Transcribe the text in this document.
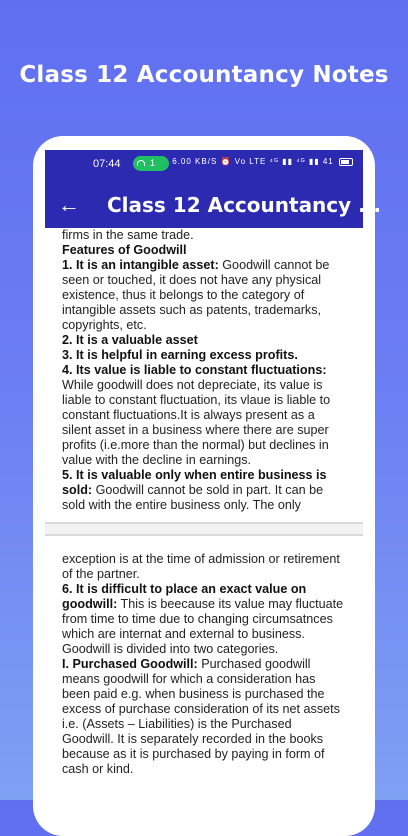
Class 12 Accountancy Notes
07:44	1	6.00 KB/S ⏰ Vo LTE ⁴ᴳ ▮▮ ⁴ᴳ ▮▮ 41
← Class 12 Accountancy ...

firms in the same trade.

Features of Goodwill

1. It is an intangible asset: Goodwill cannot be seen or touched, it does not have any physical existence, thus it belongs to the category of intangible assets such as patents, trademarks, copyrights, etc.

2. It is a valuable asset

3. It is helpful in earning excess profits.

4. Its value is liable to constant fluctuations: While goodwill does not depreciate, its value is liable to constant fluctuation, its vlaue is liable to constant fluctuations.It is always present as a silent asset in a business where there are super profits (i.e.more than the normal) but declines in value with the decline in earnings.

5. It is valuable only when entire business is sold: Goodwill cannot be sold in part. It can be sold with the entire business only. The only

exception is at the time of admission or retirement of the partner.

6. It is difficult to place an exact value on goodwill: This is beecause its value may fluctuate from time to time due to changing circumsatnces which are internat and external to business. Goodwill is divided into two categories.

I. Purchased Goodwill: Purchased goodwill means goodwill for which a consideration has been paid e.g. when business is purchased the excess of purchase consideration of its net assets i.e. (Assets – Liabilities) is the Purchased Goodwill. It is separately recorded in the books because as it is purchased by paying in form of cash or kind.
